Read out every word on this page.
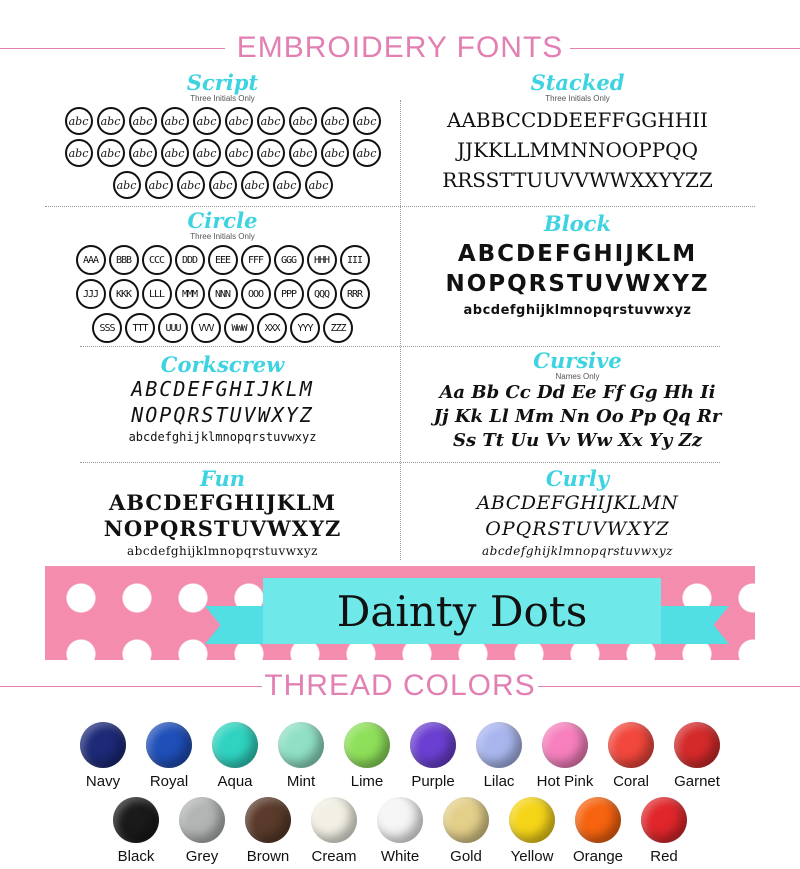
EMBROIDERY FONTS
Script
Three Initials Only
abc	abc	abc	abc	abc	abc	abc	abc	abc	abc
abc	abc	abc	abc	abc	abc	abc	abc	abc	abc
abc	abc	abc	abc	abc	abc	abc
Stacked
Three Initials Only
AABBCCDDEEFFGGHHII
JJKKLLMMNNOOPPQQ
RRSSTTUUVVWWXXYYZZ
Circle
Three Initials Only
AAA	BBB	CCC	DDD	EEE	FFF	GGG	HHH	III
JJJ	KKK	LLL	MMM	NNN	OOO	PPP	QQQ	RRR
SSS	TTT	UUU	VVV	WWW	XXX	YYY	ZZZ
Block
ABCDEFGHIJKLM
NOPQRSTUVWXYZ
abcdefghijklmnopqrstuvwxyz
Corkscrew
ABCDEFGHIJKLM
NOPQRSTUVWXYZ
abcdefghijklmnopqrstuvwxyz
Cursive
Names Only
Aa Bb Cc Dd Ee Ff Gg Hh Ii
Jj Kk Ll Mm Nn Oo Pp Qq Rr
Ss Tt Uu Vv Ww Xx Yy Zz
Fun
ABCDEFGHIJKLM
NOPQRSTUVWXYZ
abcdefghijklmnopqrstuvwxyz
Curly
ABCDEFGHIJKLMN
OPQRSTUVWXYZ
abcdefghijklmnopqrstuvwxyz
Dainty Dots
THREAD COLORS
Navy Royal Aqua Mint Lime Purple Lilac Hot Pink Coral Garnet
Black Grey Brown Cream White Gold Yellow Orange Red
